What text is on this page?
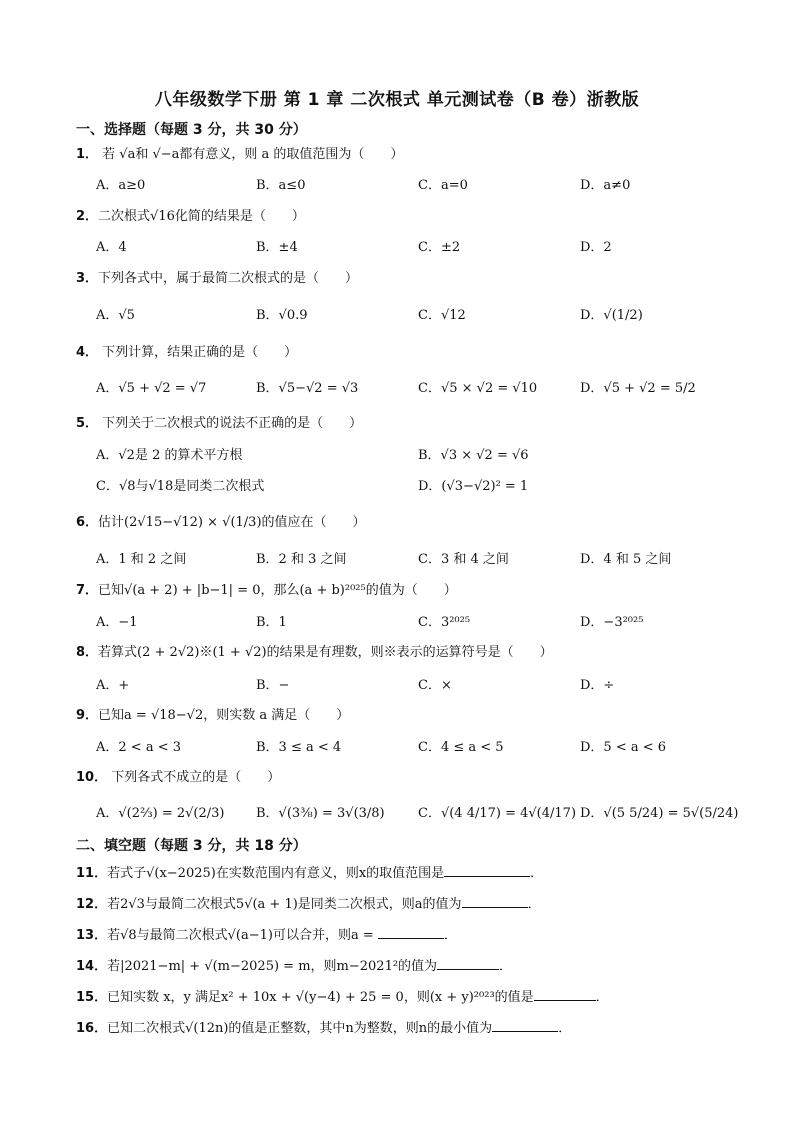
八年级数学下册 第 1 章 二次根式 单元测试卷（B 卷）浙教版
一、选择题（每题 3 分，共 30 分）
1． 若 √a和 √−a都有意义，则 a 的取值范围为（　　）
A．a≥0	B．a≤0	C．a=0	D．a≠0
2．二次根式√16化简的结果是（　　）
A．4	B．±4	C．±2	D．2
3．下列各式中，属于最简二次根式的是（　　）
A．√5	B．√0.9	C．√12	D．√(1/2)
4． 下列计算，结果正确的是（　　）
A．√5 + √2 = √7	B．√5−√2 = √3	C．√5 × √2 = √10	D．√5 + √2 = 5/2
5． 下列关于二次根式的说法不正确的是（　　）
A．√2是 2 的算术平方根	B．√3 × √2 = √6
C．√8与√18是同类二次根式	D．(√3−√2)² = 1
6．估计(2√15−√12) × √(1/3)的值应在（　　）
A．1 和 2 之间	B．2 和 3 之间	C．3 和 4 之间	D．4 和 5 之间
7．已知√(a + 2) + |b−1| = 0，那么(a + b)²⁰²⁵的值为（　　）
A．−1	B．1	C．3²⁰²⁵	D．−3²⁰²⁵
8．若算式(2 + 2√2)※(1 + √2)的结果是有理数，则※表示的运算符号是（　　）
A．+	B．−	C．×	D．÷
9．已知a = √18−√2，则实数 a 满足（　　）
A．2 < a < 3	B．3 ≤ a < 4	C．4 ≤ a < 5	D．5 < a < 6
10． 下列各式不成立的是（　　）
A．√(2⅔) = 2√(2/3) B．√(3⅜) = 3√(3/8)	C．√(4 4/17) = 4√(4/17) D．√(5 5/24) = 5√(5/24)
二、填空题（每题 3 分，共 18 分）
11．若式子√(x−2025)在实数范围内有意义，则x的取值范围是	．
12．若2√3与最简二次根式5√(a + 1)是同类二次根式，则a的值为	．
13．若√8与最简二次根式√(a−1)可以合并，则a =	．
14．若|2021−m| + √(m−2025) = m，则m−2021²的值为	．
15．已知实数 x，y 满足x² + 10x + √(y−4) + 25 = 0，则(x + y)²⁰²³的值是	．
16．已知二次根式√(12n)的值是正整数，其中n为整数，则n的最小值为	．
